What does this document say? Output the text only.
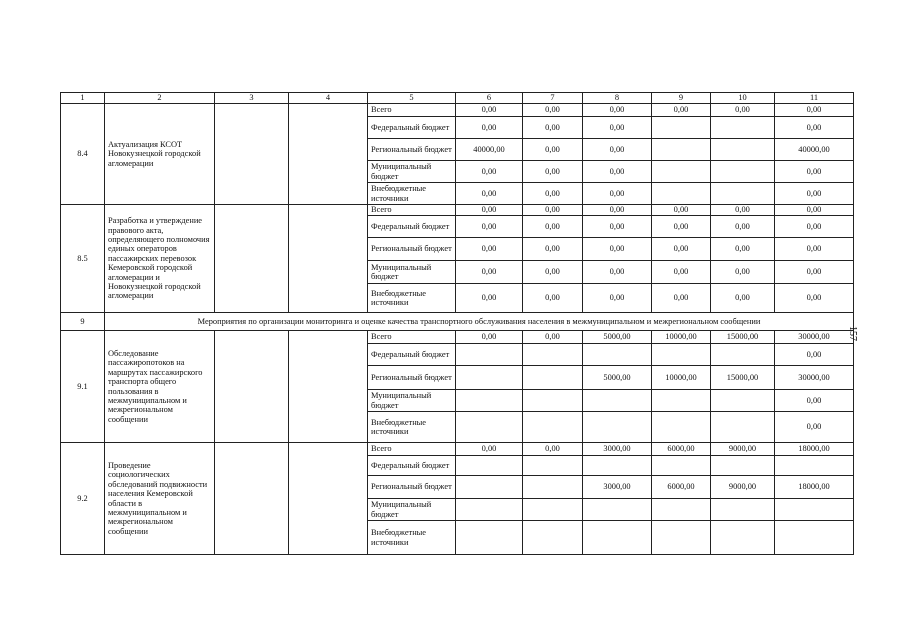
1	2	3	4	5	6	7	8	9	10	11
8.4	Актуализация КСОТ Новокузнецкой городской агломерации			Всего	0,00	0,00	0,00	0,00	0,00	0,00
				Федеральный бюджет	0,00	0,00	0,00			0,00
				Региональный бюджет	40000,00	0,00	0,00			40000,00
				Муниципальный бюджет	0,00	0,00	0,00			0,00
				Внебюджетные источники	0,00	0,00	0,00			0,00
8.5	Разработка и утверждение правового акта, определяющего полномочия единых операторов пассажирских перевозок Кемеровской городской агломерации и Новокузнецкой городской агломерации			Всего	0,00	0,00	0,00	0,00	0,00	0,00
				Федеральный бюджет	0,00	0,00	0,00	0,00	0,00	0,00
				Региональный бюджет	0,00	0,00	0,00	0,00	0,00	0,00
				Муниципальный бюджет	0,00	0,00	0,00	0,00	0,00	0,00
				Внебюджетные источники	0,00	0,00	0,00	0,00	0,00	0,00
9	Мероприятия по организации мониторинга и оценке качества транспортного обслуживания населения в межмуниципальном и межрегиональном сообщении									
9.1	Обследование пассажиропотоков на маршрутах пассажирского транспорта общего пользования в межмуниципальном и межрегиональном сообщении			Всего	0,00	0,00	5000,00	10000,00	15000,00	30000,00
				Федеральный бюджет						0,00
				Региональный бюджет			5000,00	10000,00	15000,00	30000,00
				Муниципальный бюджет						0,00
				Внебюджетные источники						0,00
9.2	Проведение социологических обследований подвижности населения Кемеровской области в межмуниципальном и межрегиональном сообщении			Всего	0,00	0,00	3000,00	6000,00	9000,00	18000,00
				Федеральный бюджет						
				Региональный бюджет			3000,00	6000,00	9000,00	18000,00
				Муниципальный бюджет						
				Внебюджетные источники						
157
